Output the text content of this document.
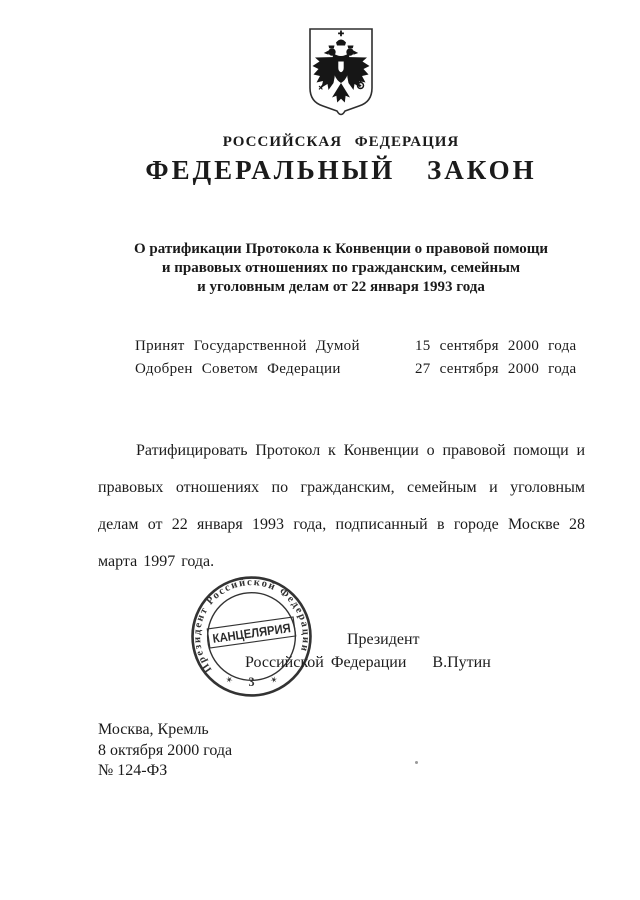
РОССИЙСКАЯ ФЕДЕРАЦИЯ
ФЕДЕРАЛЬНЫЙ ЗАКОН
О ратификации Протокола к Конвенции о правовой помощи
и правовых отношениях по гражданским, семейным
и уголовным делам от 22 января 1993 года
Принят Государственной Думой	15 сентября 2000 года
Одобрен Советом Федерации	27 сентября 2000 года

Ратифицировать Протокол к Конвенции о правовой помощи и правовых отношениях по гражданским, семейным и уголовным делам от 22 января 1993 года, подписанный в городе Москве 28 марта 1997 года.

Президент
Российской Федерации В.Путин
Президент Российской Федерации
КАНЦЕЛЯРИЯ
✶ 3 ✶
Москва, Кремль
8 октября 2000 года
№ 124-ФЗ
